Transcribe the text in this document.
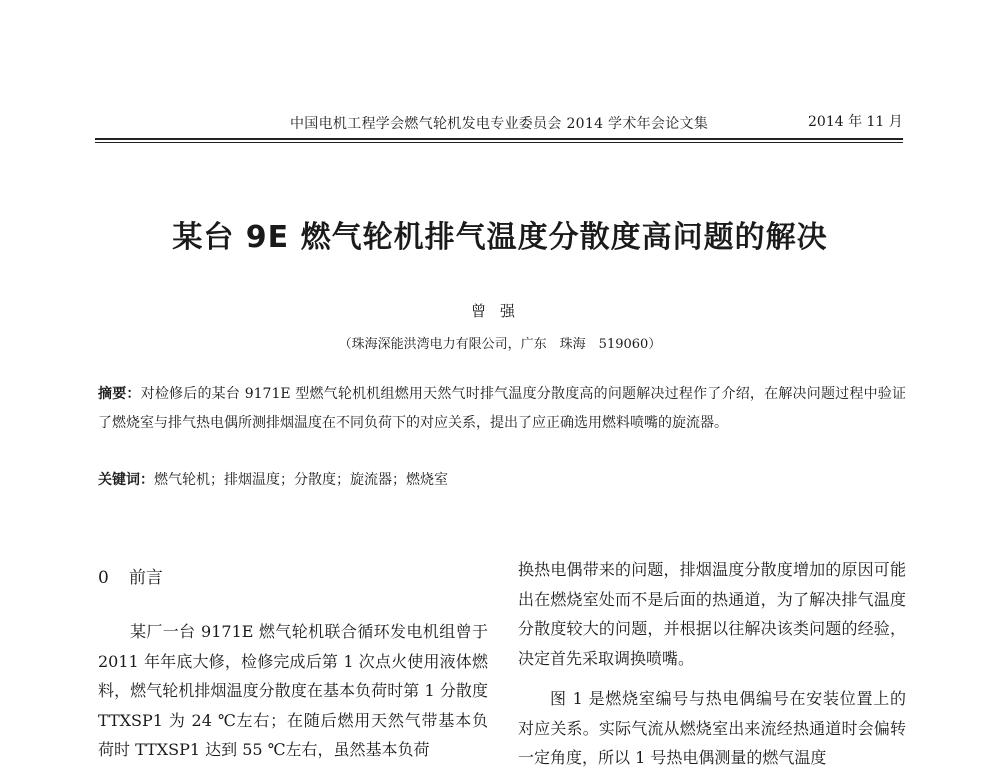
中国电机工程学会燃气轮机发电专业委员会 2014 学术年会论文集	2014 年 11 月
某台 9E 燃气轮机排气温度分散度高问题的解决
曾强
（珠海深能洪湾电力有限公司，广东　珠海　519060）
摘要：对检修后的某台 9171E 型燃气轮机机组燃用天然气时排气温度分散度高的问题解决过程作了介绍，在解决问题过程中验证了燃烧室与排气热电偶所测排烟温度在不同负荷下的对应关系，提出了应正确选用燃料喷嘴的旋流器。
关键词：燃气轮机；排烟温度；分散度；旋流器；燃烧室
0 前言

某厂一台 9171E 燃气轮机联合循环发电机组曾于 2011 年年底大修，检修完成后第 1 次点火使用液体燃料，燃气轮机排烟温度分散度在基本负荷时第 1 分散度 TTXSP1 为 24 ℃左右；在随后燃用天然气带基本负荷时 TTXSP1 达到 55 ℃左右，虽然基本负荷

换热电偶带来的问题，排烟温度分散度增加的原因可能出在燃烧室处而不是后面的热通道，为了解决排气温度分散度较大的问题，并根据以往解决该类问题的经验，决定首先采取调换喷嘴。

图 1 是燃烧室编号与热电偶编号在安装位置上的对应关系。实际气流从燃烧室出来流经热通道时会偏转一定角度，所以 1 号热电偶测量的燃气温度
